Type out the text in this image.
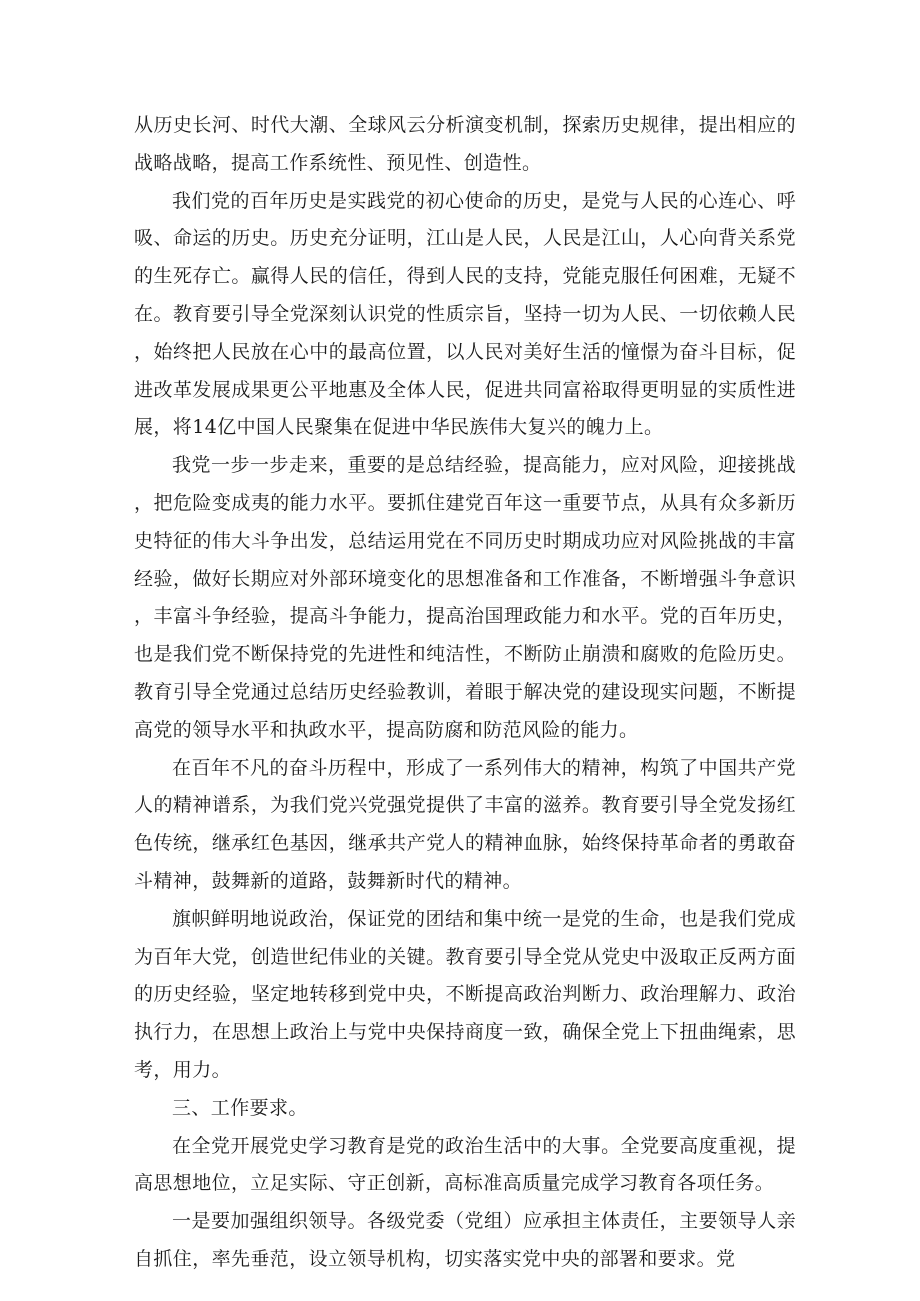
从历史长河、时代大潮、全球风云分析演变机制，探索历史规律，提出相应的战略战略，提高工作系统性、预见性、创造性。

我们党的百年历史是实践党的初心使命的历史，是党与人民的心连心、呼吸、命运的历史。历史充分证明，江山是人民，人民是江山，人心向背关系党的生死存亡。赢得人民的信任，得到人民的支持，党能克服任何困难，无疑不在。教育要引导全党深刻认识党的性质宗旨，坚持一切为人民、一切依赖人民，始终把人民放在心中的最高位置，以人民对美好生活的憧憬为奋斗目标，促进改革发展成果更公平地惠及全体人民，促进共同富裕取得更明显的实质性进展，将14亿中国人民聚集在促进中华民族伟大复兴的魄力上。

我党一步一步走来，重要的是总结经验，提高能力，应对风险，迎接挑战，把危险变成夷的能力水平。要抓住建党百年这一重要节点，从具有众多新历史特征的伟大斗争出发，总结运用党在不同历史时期成功应对风险挑战的丰富经验，做好长期应对外部环境变化的思想准备和工作准备，不断增强斗争意识，丰富斗争经验，提高斗争能力，提高治国理政能力和水平。党的百年历史，也是我们党不断保持党的先进性和纯洁性，不断防止崩溃和腐败的危险历史。教育引导全党通过总结历史经验教训，着眼于解决党的建设现实问题，不断提高党的领导水平和执政水平，提高防腐和防范风险的能力。

在百年不凡的奋斗历程中，形成了一系列伟大的精神，构筑了中国共产党人的精神谱系，为我们党兴党强党提供了丰富的滋养。教育要引导全党发扬红色传统，继承红色基因，继承共产党人的精神血脉，始终保持革命者的勇敢奋斗精神，鼓舞新的道路，鼓舞新时代的精神。

旗帜鲜明地说政治，保证党的团结和集中统一是党的生命，也是我们党成为百年大党，创造世纪伟业的关键。教育要引导全党从党史中汲取正反两方面的历史经验，坚定地转移到党中央，不断提高政治判断力、政治理解力、政治执行力，在思想上政治上与党中央保持商度一致，确保全党上下扭曲绳索，思考，用力。

三、工作要求。

在全党开展党史学习教育是党的政治生活中的大事。全党要高度重视，提高思想地位，立足实际、守正创新，高标准高质量完成学习教育各项任务。

一是要加强组织领导。各级党委（党组）应承担主体责任，主要领导人亲自抓住，率先垂范，设立领导机构，切实落实党中央的部署和要求。党
